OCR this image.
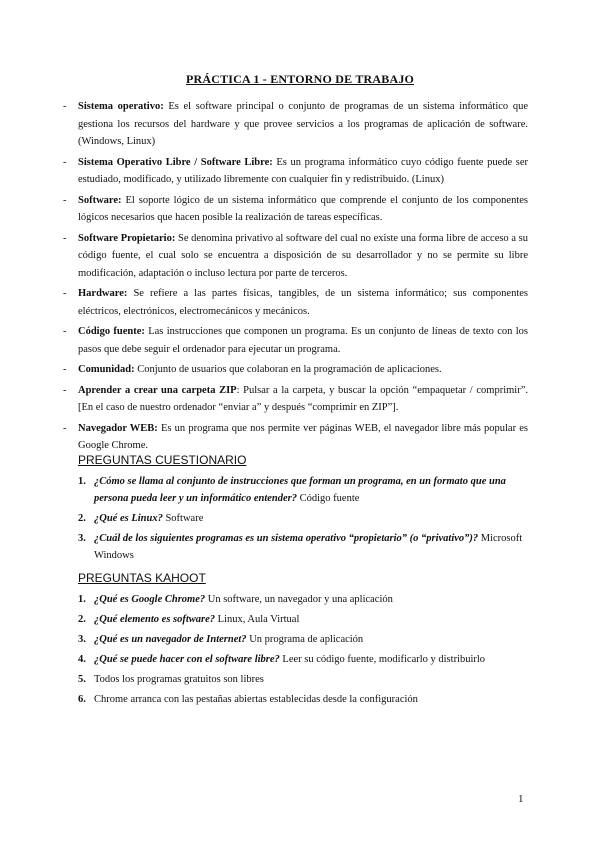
PRÁCTICA 1 - ENTORNO DE TRABAJO
- Sistema operativo: Es el software principal o conjunto de programas de un sistema informático que gestiona los recursos del hardware y que provee servicios a los programas de aplicación de software. (Windows, Linux)
- Sistema Operativo Libre / Software Libre: Es un programa informático cuyo código fuente puede ser estudiado, modificado, y utilizado libremente con cualquier fin y redistribuido. (Linux)
- Software: El soporte lógico de un sistema informático que comprende el conjunto de los componentes lógicos necesarios que hacen posible la realización de tareas específicas.
- Software Propietario: Se denomina privativo al software del cual no existe una forma libre de acceso a su código fuente, el cual solo se encuentra a disposición de su desarrollador y no se permite su libre modificación, adaptación o incluso lectura por parte de terceros.
- Hardware: Se refiere a las partes físicas, tangibles, de un sistema informático; sus componentes eléctricos, electrónicos, electromecánicos y mecánicos.
- Código fuente: Las instrucciones que componen un programa. Es un conjunto de líneas de texto con los pasos que debe seguir el ordenador para ejecutar un programa.
- Comunidad: Conjunto de usuarios que colaboran en la programación de aplicaciones.
- Aprender a crear una carpeta ZIP: Pulsar a la carpeta, y buscar la opción “empaquetar / comprimir”. [En el caso de nuestro ordenador “enviar a” y después “comprimir en ZIP”].
- Navegador WEB: Es un programa que nos permite ver páginas WEB, el navegador libre más popular es Google Chrome.
PREGUNTAS CUESTIONARIO
1. ¿Cómo se llama al conjunto de instrucciones que forman un programa, en un formato que una persona pueda leer y un informático entender? Código fuente
2. ¿Qué es Linux? Software
3. ¿Cuál de los siguientes programas es un sistema operativo “propietario” (o “privativo”)? Microsoft Windows
PREGUNTAS KAHOOT
1. ¿Qué es Google Chrome? Un software, un navegador y una aplicación
2. ¿Qué elemento es software? Linux, Aula Virtual
3. ¿Qué es un navegador de Internet? Un programa de aplicación
4. ¿Qué se puede hacer con el software libre? Leer su código fuente, modificarlo y distribuirlo
5. Todos los programas gratuitos son libres
6. Chrome arranca con las pestañas abiertas establecidas desde la configuración
1
